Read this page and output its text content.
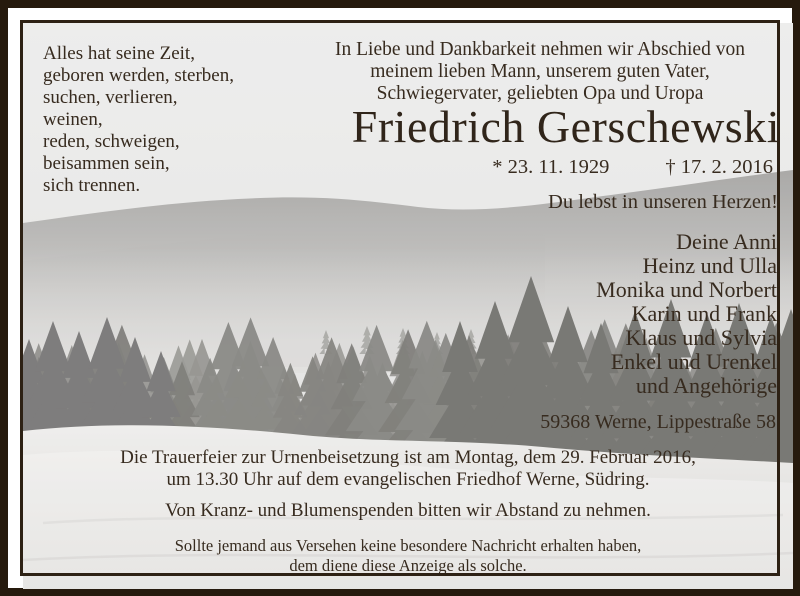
Alles hat seine Zeit,
geboren werden, sterben,
suchen, verlieren,
weinen,
reden, schweigen,
beisammen sein,
sich trennen.
In Liebe und Dankbarkeit nehmen wir Abschied von
meinem lieben Mann, unserem guten Vater,
Schwiegervater, geliebten Opa und Uropa
Friedrich Gerschewski
* 23. 11. 1929	† 17. 2. 2016
Du lebst in unseren Herzen!
Deine Anni
Heinz und Ulla
Monika und Norbert
Karin und Frank
Klaus und Sylvia
Enkel und Urenkel
und Angehörige
59368 Werne, Lippestraße 58
Die Trauerfeier zur Urnenbeisetzung ist am Montag, dem 29. Februar 2016,
um 13.30 Uhr auf dem evangelischen Friedhof Werne, Südring.
Von Kranz- und Blumenspenden bitten wir Abstand zu nehmen.
Sollte jemand aus Versehen keine besondere Nachricht erhalten haben,
dem diene diese Anzeige als solche.
